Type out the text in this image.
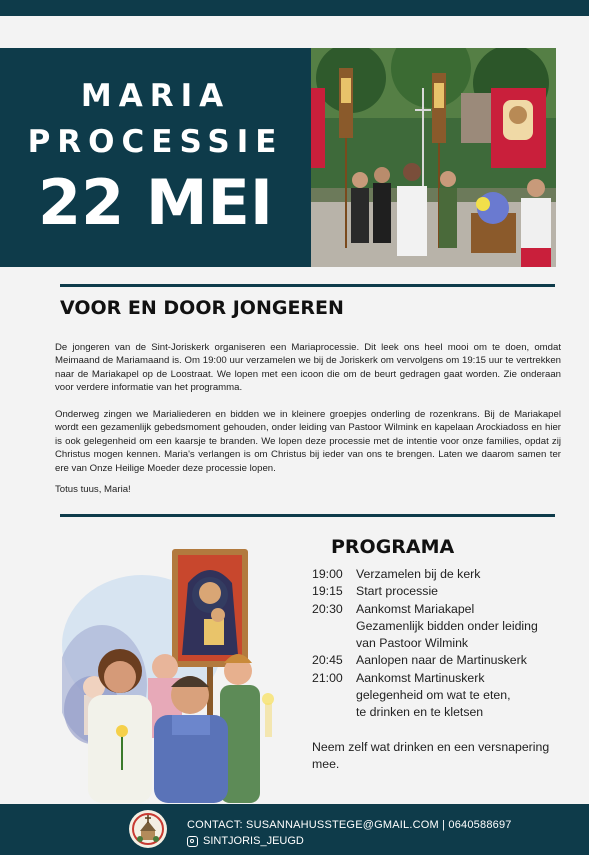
MARIA
PROCESSIE
22 MEI
VOOR EN DOOR JONGEREN

De jongeren van de Sint-Joriskerk organiseren een Mariaprocessie. Dit leek ons heel mooi om te doen, omdat Meimaand de Mariamaand is. Om 19:00 uur verzamelen we bij de Joriskerk om vervolgens om 19:15 uur te vertrekken naar de Mariakapel op de Loostraat. We lopen met een icoon die om de beurt gedragen gaat worden. Zie onderaan voor verdere informatie van het programma.

Onderweg zingen we Marialiederen en bidden we in kleinere groepjes onderling de rozenkrans. Bij de Mariakapel wordt een gezamenlijk gebedsmoment gehouden, onder leiding van Pastoor Wilmink en kapelaan Arockiadoss en hier is ook gelegenheid om een kaarsje te branden. We lopen deze processie met de intentie voor onze families, opdat zij Christus mogen kennen. Maria's verlangen is om Christus bij ieder van ons te brengen. Laten we daarom samen ter ere van Onze Heilige Moeder deze processie lopen.

Totus tuus, Maria!

PROGRAMA
19:00	Verzamelen bij de kerk
19:15	Start processie
20:30	Aankomst Mariakapel
Gezamenlijk bidden onder leiding
van Pastoor Wilmink
20:45	Aanlopen naar de Martinuskerk
21:00	Aankomst Martinuskerk
gelegenheid om wat te eten,
te drinken en te kletsen
Neem zelf wat drinken en een versnapering mee.
CONTACT: SUSANNAHUSSTEGE@GMAIL.COM | 0640588697
SINTJORIS_JEUGD
